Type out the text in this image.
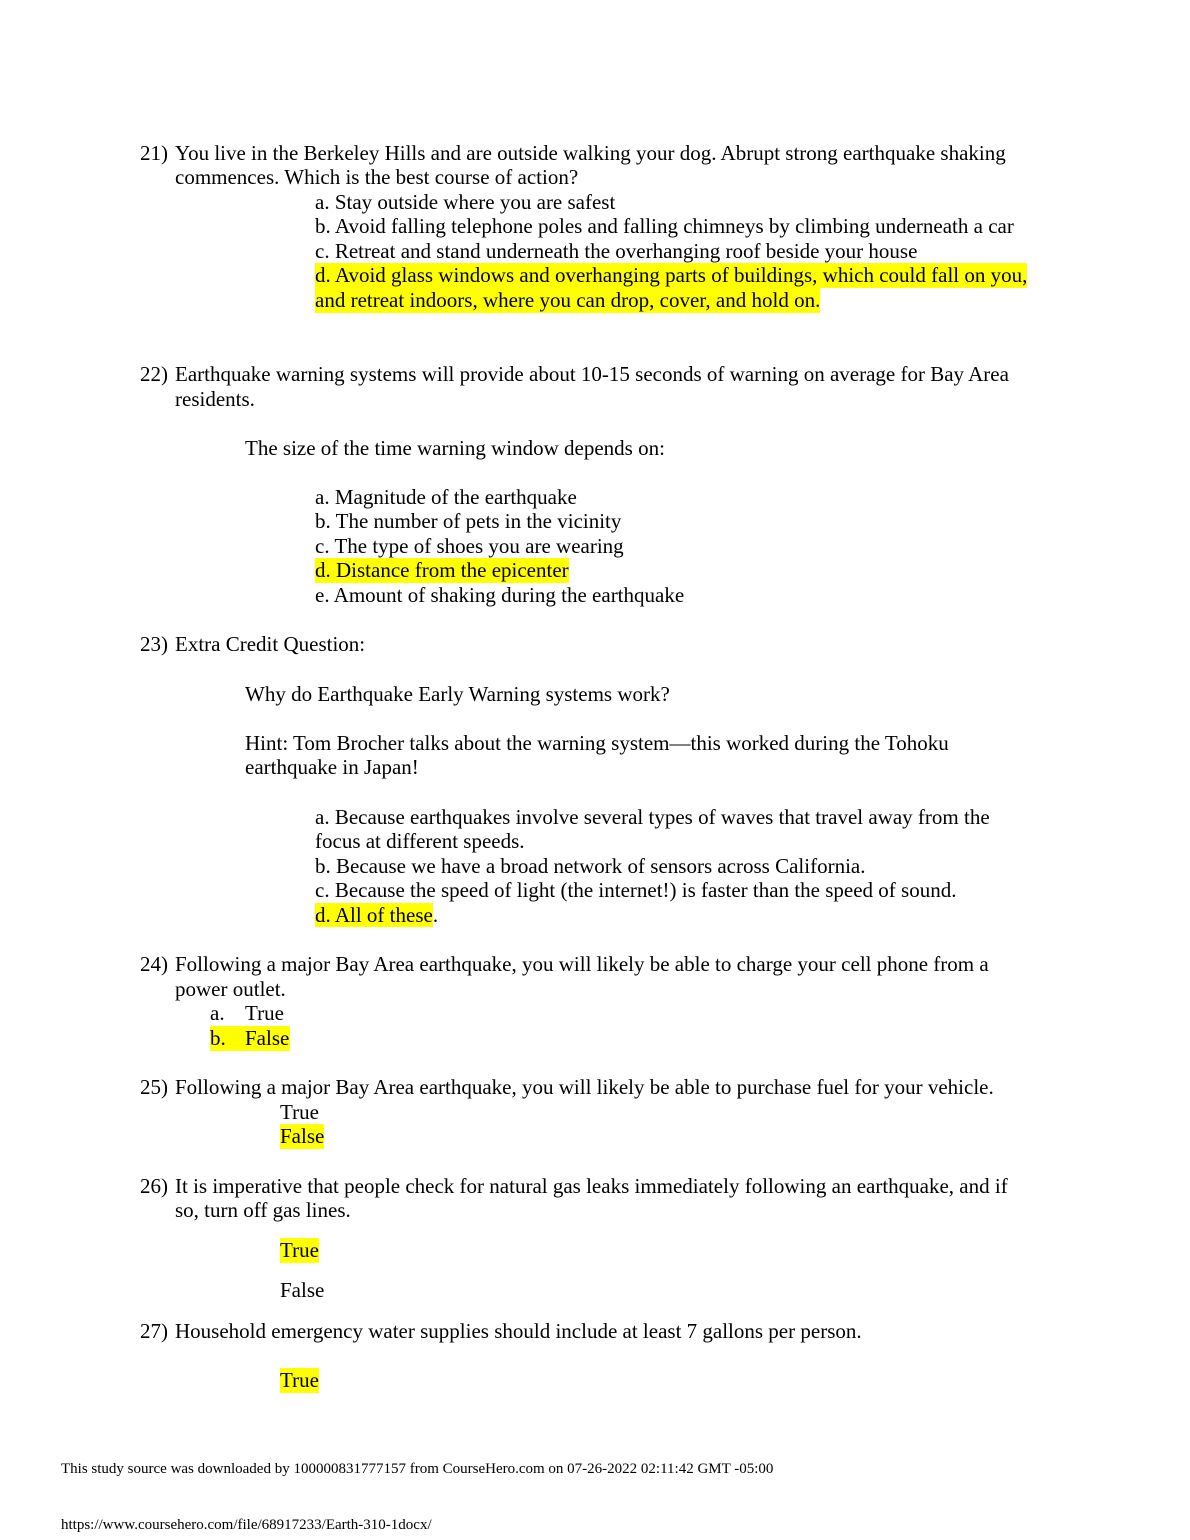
21) You live in the Berkeley Hills and are outside walking your dog. Abrupt strong earthquake shaking
commences. Which is the best course of action?
a. Stay outside where you are safest
b. Avoid falling telephone poles and falling chimneys by climbing underneath a car
c. Retreat and stand underneath the overhanging roof beside your house
d. Avoid glass windows and overhanging parts of buildings, which could fall on you,
and retreat indoors, where you can drop, cover, and hold on.
22) Earthquake warning systems will provide about 10-15 seconds of warning on average for Bay Area
residents.
The size of the time warning window depends on:
a. Magnitude of the earthquake
b. The number of pets in the vicinity
c. The type of shoes you are wearing
d. Distance from the epicenter
e. Amount of shaking during the earthquake
23) Extra Credit Question:
Why do Earthquake Early Warning systems work?
Hint: Tom Brocher talks about the warning system—this worked during the Tohoku
earthquake in Japan!
a. Because earthquakes involve several types of waves that travel away from the
focus at different speeds.
b. Because we have a broad network of sensors across California.
c. Because the speed of light (the internet!) is faster than the speed of sound.
d. All of these.
24) Following a major Bay Area earthquake, you will likely be able to charge your cell phone from a
power outlet.
a. True
b. False
25) Following a major Bay Area earthquake, you will likely be able to purchase fuel for your vehicle.
True
False
26) It is imperative that people check for natural gas leaks immediately following an earthquake, and if
so, turn off gas lines.
True
False
27) Household emergency water supplies should include at least 7 gallons per person.
True
This study source was downloaded by 100000831777157 from CourseHero.com on 07-26-2022 02:11:42 GMT -05:00
https://www.coursehero.com/file/68917233/Earth-310-1docx/
